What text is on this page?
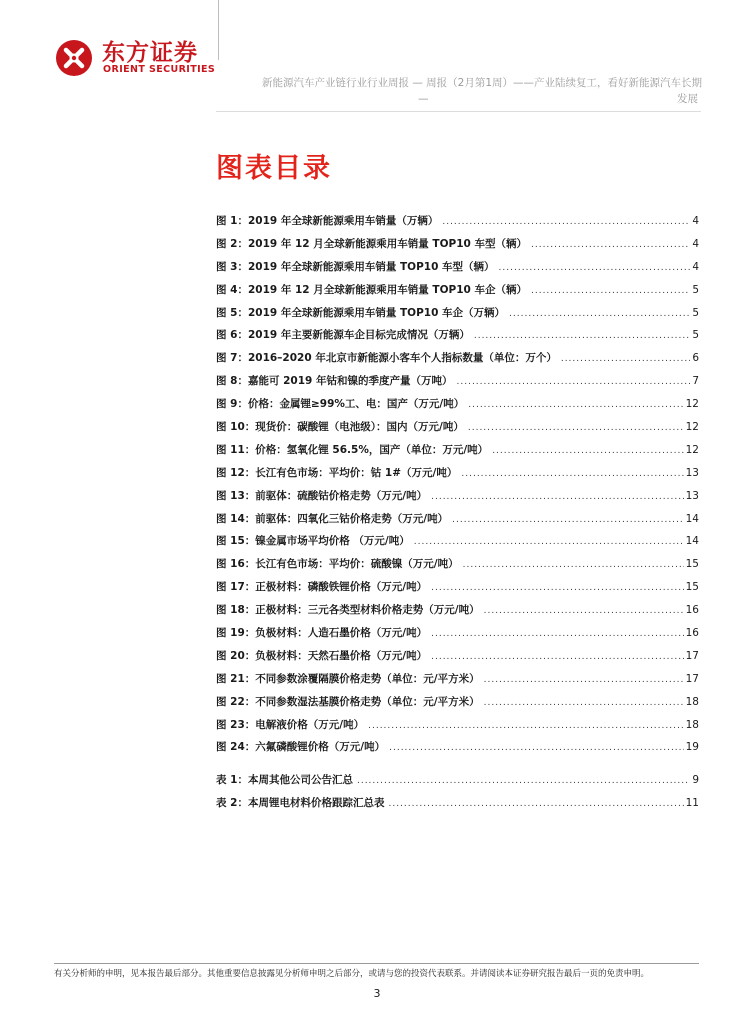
东方证券
ORIENT SECURITIES
新能源汽车产业链行业行业周报 — 周报（2月第1周）——产业陆续复工，看好新能源汽车长期
—	发展
图表目录
图 1：2019 年全球新能源乘用车销量（万辆） .....	4
图 2：2019 年 12 月全球新能源乘用车销量 TOP10 车型（辆） .....	4
图 3：2019 年全球新能源乘用车销量 TOP10 车型（辆） .....	4
图 4：2019 年 12 月全球新能源乘用车销量 TOP10 车企（辆） .....	5
图 5：2019 年全球新能源乘用车销量 TOP10 车企（万辆） .....	5
图 6：2019 年主要新能源车企目标完成情况（万辆） .....	5
图 7：2016–2020 年北京市新能源小客车个人指标数量（单位：万个） .....	6
图 8：嘉能可 2019 年钴和镍的季度产量（万吨） .....	7
图 9：价格：金属锂≥99%工、电：国产（万元/吨） .....	12
图 10：现货价：碳酸锂（电池级）：国内（万元/吨） .....	12
图 11：价格：氢氧化锂 56.5%，国产（单位：万元/吨） .....	12
图 12：长江有色市场：平均价：钴 1#（万元/吨） .....	13
图 13：前驱体：硫酸钴价格走势（万元/吨） .....	13
图 14：前驱体：四氧化三钴价格走势（万元/吨） .....	14
图 15：镍金属市场平均价格 （万元/吨） .....	14
图 16：长江有色市场：平均价：硫酸镍（万元/吨） .....	15
图 17：正极材料：磷酸铁锂价格（万元/吨） .....	15
图 18：正极材料：三元各类型材料价格走势（万元/吨） .....	16
图 19：负极材料：人造石墨价格（万元/吨） .....	16
图 20：负极材料：天然石墨价格（万元/吨） .....	17
图 21：不同参数涂覆隔膜价格走势（单位：元/平方米） .....	17
图 22：不同参数湿法基膜价格走势（单位：元/平方米） .....	18
图 23：电解液价格（万元/吨） .....	18
图 24：六氟磷酸锂价格（万元/吨） .....	19
表 1：本周其他公司公告汇总 .....	9
表 2：本周锂电材料价格跟踪汇总表 .....	11
有关分析师的申明，见本报告最后部分。其他重要信息披露见分析师申明之后部分，或请与您的投资代表联系。并请阅读本证券研究报告最后一页的免责申明。
3
